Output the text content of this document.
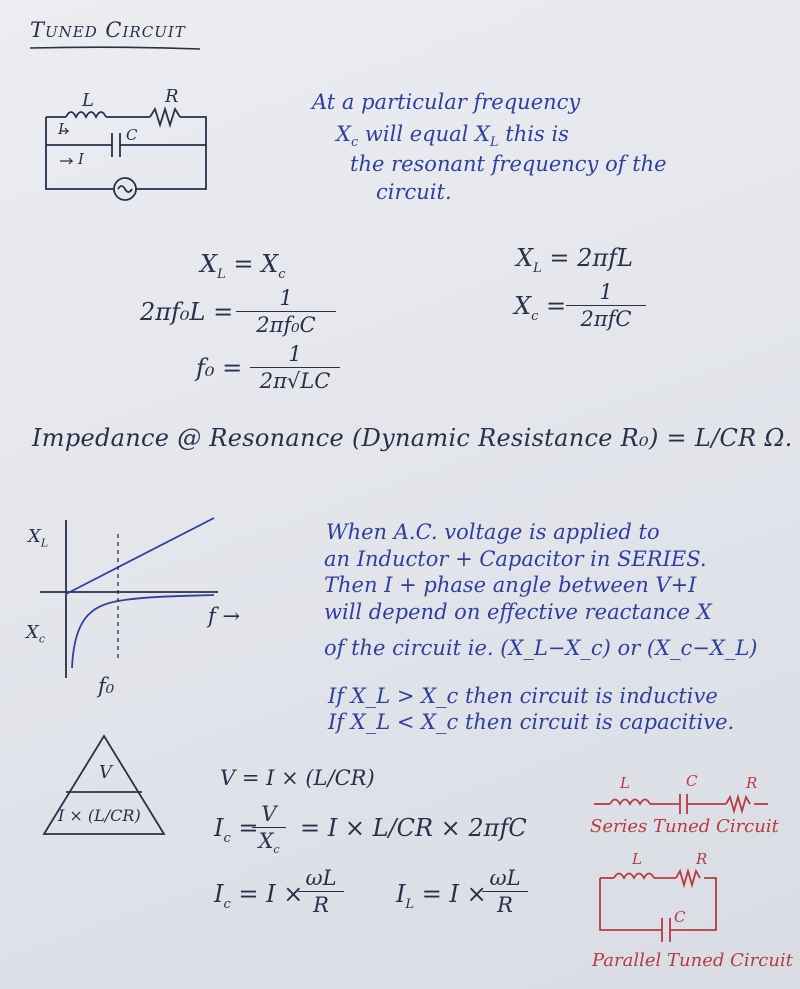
Tuned Circuit
L	R
C
I
I
At a particular frequency
$X_c$ will equal $X_L$ this is
the resonant frequency of the
circuit.
$X_L = X_c$
2πf₀L =	1
2πf₀C
f₀ =	1
2π√LC
$X_L = 2\pi fL$
$X_c$ =	1
2πfC
Impedance @ Resonance (Dynamic Resistance R₀) = L/CR Ω.
$X_L$
$X_c$
f →
f₀
When A.C. voltage is applied to
an Inductor + Capacitor in SERIES.
Then I + phase angle between V+I
will depend on effective reactance X
of the circuit ie. (X_L−X_c) or (X_c−X_L)
If X_L > X_c then circuit is inductive
If X_L < X_c then circuit is capacitive.
V
I × (L/CR)
V = I × (L/CR)
$I_c = V$
$X_c$
= I × L/CR × 2πfC
$I_c = I$ ×
ωL
R	$I_L = I$ ×
ωL
R
L	C	R
Series Tuned Circuit
L	R
C
Parallel Tuned Circuit
